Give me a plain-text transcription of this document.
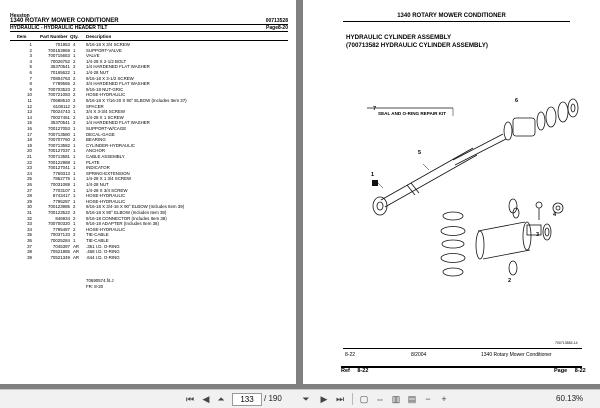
Hesston
1340 ROTARY MOWER CONDITIONER	00713528
HYDRAULIC - HYDRAULIC HEADER TILT	Page8-20
Item	Part Number Qty. Description
1	701953 4 9/16-18 X 3/4 SCREW
2	700153969 1 SUPPORT-VALVE
3	700715653 1 VALVE
4	70026752 2 1/4-28 X 2-1/2 BOLT
5	35370541 2 1/4 HARDENED FLAT WASHER
6	70165622 1 1/4-28 NUT
7	70804763 2 9/16-18 X 3-1/2 SCREW
8	Y789565 2 3/4 HARDENED FLAT WASHER
9	700703523 2 9/16-18 NUT-GRIC
10	700721083 2 HOSE-HYDRAULIC
11	70688510 2 9/16-18 X 7/16-20 X 90° ELBOW (Includes Item 37)
12	6108112 2 SPACER
13	70024743 1 3/4 X 3-3/4 SCREW
14	70027461 2 1/4-28 X 1 SCREW
15	35370541 2 1/4 HARDENED FLAT WASHER
16	700127053 1 SUPPORT-W/CAGE
17	700713580 1 DECAL-GAGE
18	700707760 2 BEARING
19	700713582 1 CYLINDER-HYDRAULIC
20	700127037 1 ANCHOR
21	700713581 1 CABLE ASSEMBLY
22	700122988 1 PLATE
23	700127041 1 INDICATOR
24	7769313 1 SPRING-EXTENSION
25	7852775 1 1/4-28 X 1 3/4 SCREW
26	70031089 1 1/4-28 NUT
27	7703107 1 1/4-28 X 3/4 SCREW
28	8743417 1 HOSE-HYDRAULIC
29	7795287 1 HOSE-HYDRAULIC
30	700123985 2 9/16-18 X 3/4-16 X 90° ELBOW (Includes Item 39)
31	700123522 2 9/16-18 X 90° ELBOW (Includes Item 39)
32	846934 2 9/16-18 CONNECTOR (Includes Item 38)
33	700700320 1 9/16-18 ADAPTER (Includes Item 38)
34	7795487 2 HOSE-HYDRAULIC
35	70037133 2 TIE-CABLE
36	70025284 1 TIE-CABLE
37	7045397 AR .351 I.D. O-RING
38	70521885 AR .468 I.D. O-RING
39	70521349 AR .644 I.D. O-RING
70690574.fit.J
FR: 8-20
1340 ROTARY MOWER CONDITIONER
HYDRAULIC CYLINDER ASSEMBLY
(700713582 HYDRAULIC CYLINDER ASSEMBLY)
7
SEAL AND O-RING REPAIR KIT
1
5
6
3
4
2
700713582-14
8-22	8/2004	1340 Rotary Mower Conditioner
Ref 8-22	Page 8-22
⏮ ◀ ⏶
133	/ 190 ⏷ ▶ ⏭ ▢ ⇔ ▥ ▤	−	+	60.13%
